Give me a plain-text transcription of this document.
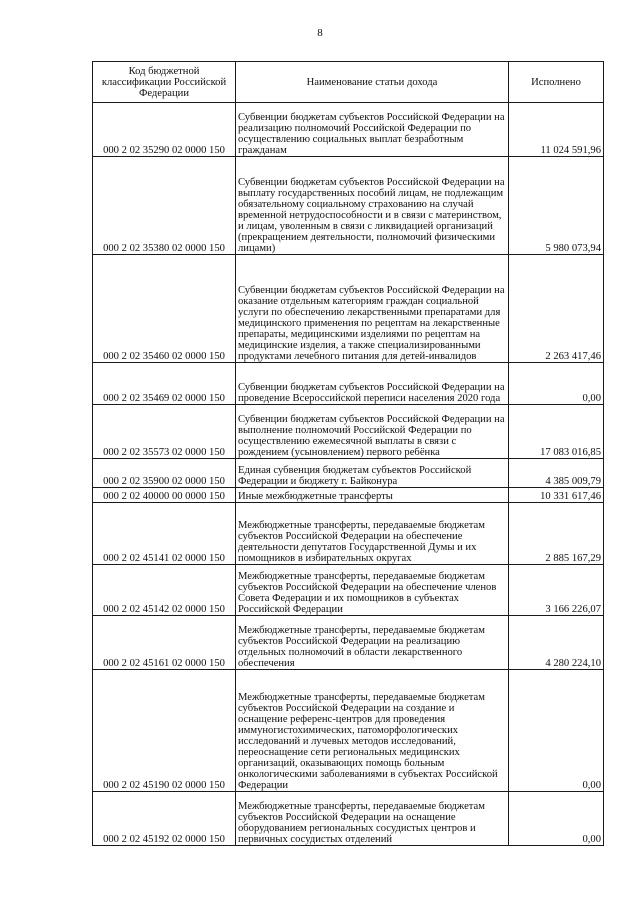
8
Код бюджетной классификации Российской Федерации	Наименование статьи дохода	Исполнено
000 2 02 35290 02 0000 150	Субвенции бюджетам субъектов Российской Федерации на реализацию полномочий Российской Федерации по осуществлению социальных выплат безработным гражданам	11 024 591,96
000 2 02 35380 02 0000 150	Субвенции бюджетам субъектов Российской Федерации на выплату государственных пособий лицам, не подлежащим обязательному социальному страхованию на случай временной нетрудоспособности и в связи с материнством, и лицам, уволенным в связи с ликвидацией организаций (прекращением деятельности, полномочий физическими лицами)	5 980 073,94
000 2 02 35460 02 0000 150	Субвенции бюджетам субъектов Российской Федерации на оказание отдельным категориям граждан социальной услуги по обеспечению лекарственными препаратами для медицинского применения по рецептам на лекарственные препараты, медицинскими изделиями по рецептам на медицинские изделия, а также специализированными продуктами лечебного питания для детей-инвалидов	2 263 417,46
000 2 02 35469 02 0000 150	Субвенции бюджетам субъектов Российской Федерации на проведение Всероссийской переписи населения 2020 года	0,00
000 2 02 35573 02 0000 150	Субвенции бюджетам субъектов Российской Федерации на выполнение полномочий Российской Федерации по осуществлению ежемесячной выплаты в связи с рождением (усыновлением) первого ребёнка	17 083 016,85
000 2 02 35900 02 0000 150	Единая субвенция бюджетам субъектов Российской Федерации и бюджету г. Байконура	4 385 009,79
000 2 02 40000 00 0000 150	Иные межбюджетные трансферты	10 331 617,46
000 2 02 45141 02 0000 150	Межбюджетные трансферты, передаваемые бюджетам субъектов Российской Федерации на обеспечение деятельности депутатов Государственной Думы и их помощников в избирательных округах	2 885 167,29
000 2 02 45142 02 0000 150	Межбюджетные трансферты, передаваемые бюджетам субъектов Российской Федерации на обеспечение членов Совета Федерации и их помощников в субъектах Российской Федерации	3 166 226,07
000 2 02 45161 02 0000 150	Межбюджетные трансферты, передаваемые бюджетам субъектов Российской Федерации на реализацию отдельных полномочий в области лекарственного обеспечения	4 280 224,10
000 2 02 45190 02 0000 150	Межбюджетные трансферты, передаваемые бюджетам субъектов Российской Федерации на создание и оснащение референс-центров для проведения иммуногистохимических, патоморфологических исследований и лучевых методов исследований, переоснащение сети региональных медицинских организаций, оказывающих помощь больным онкологическими заболеваниями в субъектах Российской Федерации	0,00
000 2 02 45192 02 0000 150	Межбюджетные трансферты, передаваемые бюджетам субъектов Российской Федерации на оснащение оборудованием региональных сосудистых центров и первичных сосудистых отделений	0,00
